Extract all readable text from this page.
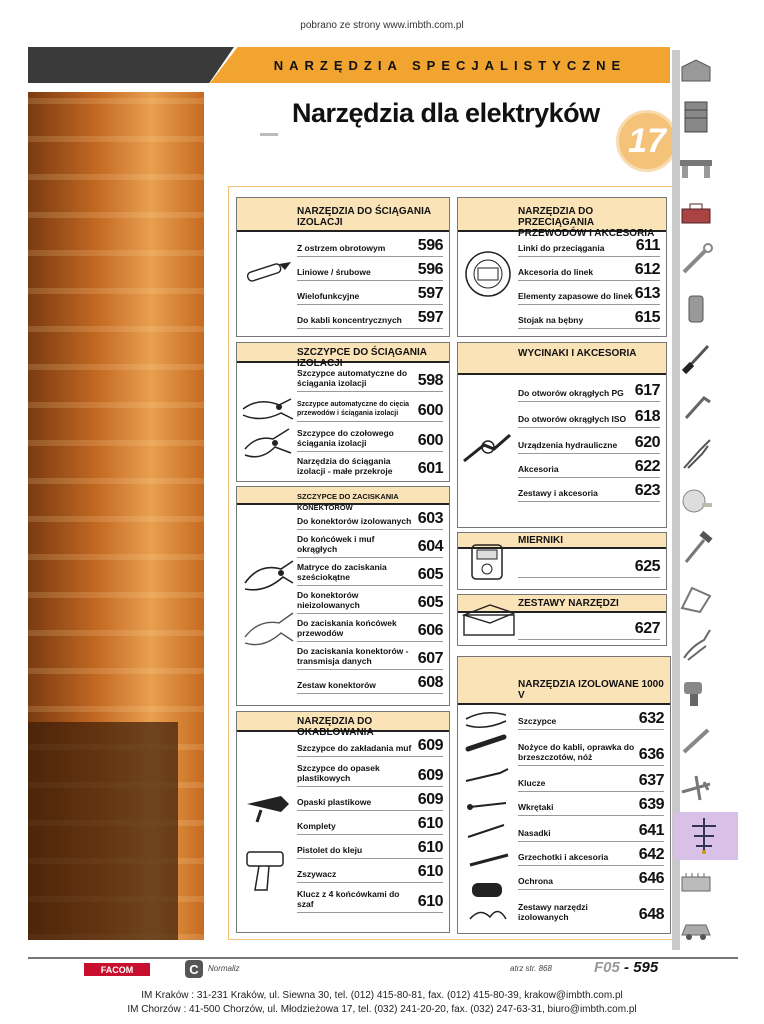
pobrano ze strony www.imbth.com.pl
NARZĘDZIA SPECJALISTYCZNE
Narzędzia dla elektryków
17
NARZĘDZIA DO ŚCIĄGANIA IZOLACJI
Z ostrzem obrotowym 596
Liniowe / śrubowe	596
Wielofunkcyjne	597
Do kabli koncentrycznych 597
SZCZYPCE DO ŚCIĄGANIA IZOLACJI
Szczypce automatyczne do ściągania izolacji	598
Szczypce automatyczne do cięcia przewodów i ściągania izolacji	600
Szczypce do czołowego ściągania izolacji	600
Narzędzia do ściągania izolacji - małe przekroje	601
SZCZYPCE DO ZACISKANIA KONEKTORÓW
Do konektorów izolowanych 603
Do końcówek i muf okrągłych	604
Matryce do zaciskania sześciokątne	605
Do konektorów nieizolowanych	605
Do zaciskania końcówek przewodów	606
Do zaciskania konektorów - transmisja danych	607
Zestaw konektorów	608
NARZĘDZIA DO OKABLOWANIA
Szczypce do zakładania muf 609
Szczypce do opasek plastikowych	609
Opaski plastikowe	609
Komplety	610
Pistolet do kleju	610
Zszywacz	610
Klucz z 4 końcówkami do szaf	610
NARZĘDZIA DO PRZECIĄGANIA PRZEWODÓW I AKCESORIA
Linki do przeciągania 611
Akcesoria do linek	612
Elementy zapasowe do linek 613
Stojak na bębny	615
WYCINAKI I AKCESORIA
Do otworów okrągłych PG 617
Do otworów okrągłych ISO 618
Urządzenia hydrauliczne 620
Akcesoria	622
Zestawy i akcesoria 623
MIERNIKI
625
ZESTAWY NARZĘDZI
627
NARZĘDZIA IZOLOWANE 1000 V
Szczypce	632
Nożyce do kabli, oprawka do brzeszczotów, nóż	636
Klucze	637
Wkrętaki	639
Nasadki	641
Grzechotki i akcesoria 642
Ochrona	646
Zestawy narzędzi izolowanych	648
FACOM	C	Normaliz	atrz str. 868	F05 - 595
IM Kraków : 31-231 Kraków, ul. Siewna 30, tel. (012) 415-80-81, fax. (012) 415-80-39, krakow@imbth.com.pl
IM Chorzów : 41-500 Chorzów, ul. Młodzieżowa 17, tel. (032) 241-20-20, fax. (032) 247-63-31, biuro@imbth.com.pl
